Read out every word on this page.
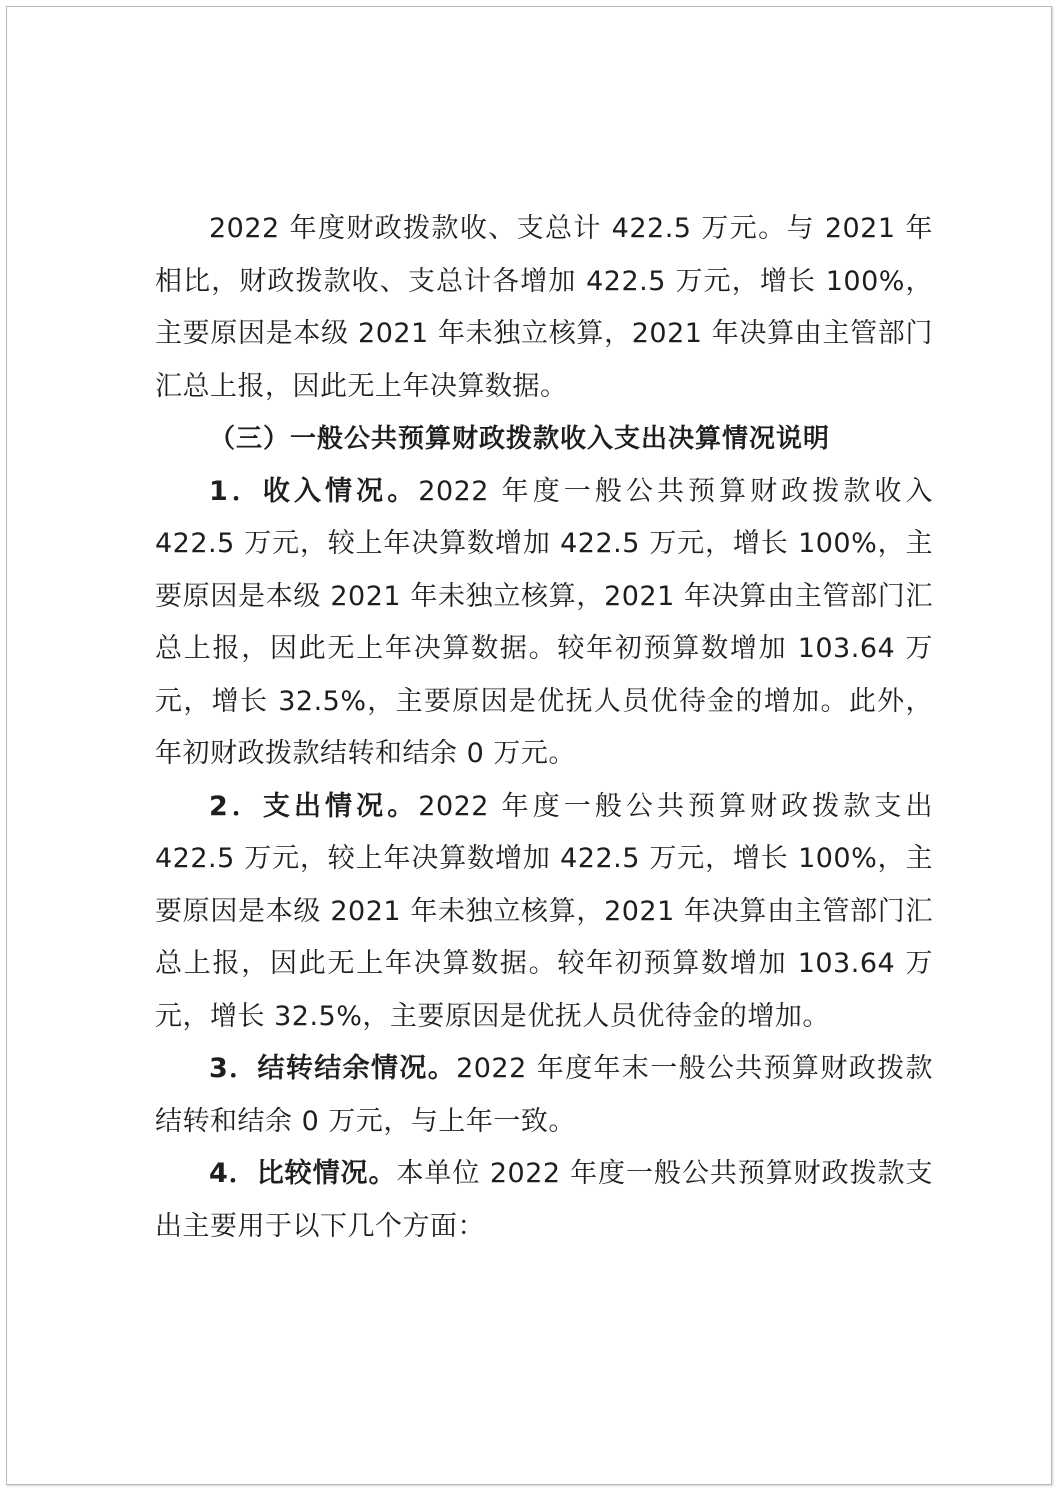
2022 年度财政拨款收、支总计 422.5 万元。与 2021 年相比，财政拨款收、支总计各增加 422.5 万元，增长 100%，主要原因是本级 2021 年未独立核算，2021 年决算由主管部门汇总上报，因此无上年决算数据。

（三）一般公共预算财政拨款收入支出决算情况说明

1．收入情况。2022 年度一般公共预算财政拨款收入 422.5 万元，较上年决算数增加 422.5 万元，增长 100%，主要原因是本级 2021 年未独立核算，2021 年决算由主管部门汇总上报，因此无上年决算数据。较年初预算数增加 103.64 万元，增长 32.5%，主要原因是优抚人员优待金的增加。此外，年初财政拨款结转和结余 0 万元。

2．支出情况。2022 年度一般公共预算财政拨款支出 422.5 万元，较上年决算数增加 422.5 万元，增长 100%，主要原因是本级 2021 年未独立核算，2021 年决算由主管部门汇总上报，因此无上年决算数据。较年初预算数增加 103.64 万元，增长 32.5%，主要原因是优抚人员优待金的增加。

3．结转结余情况。2022 年度年末一般公共预算财政拨款结转和结余 0 万元，与上年一致。

4．比较情况。本单位 2022 年度一般公共预算财政拨款支出主要用于以下几个方面：
